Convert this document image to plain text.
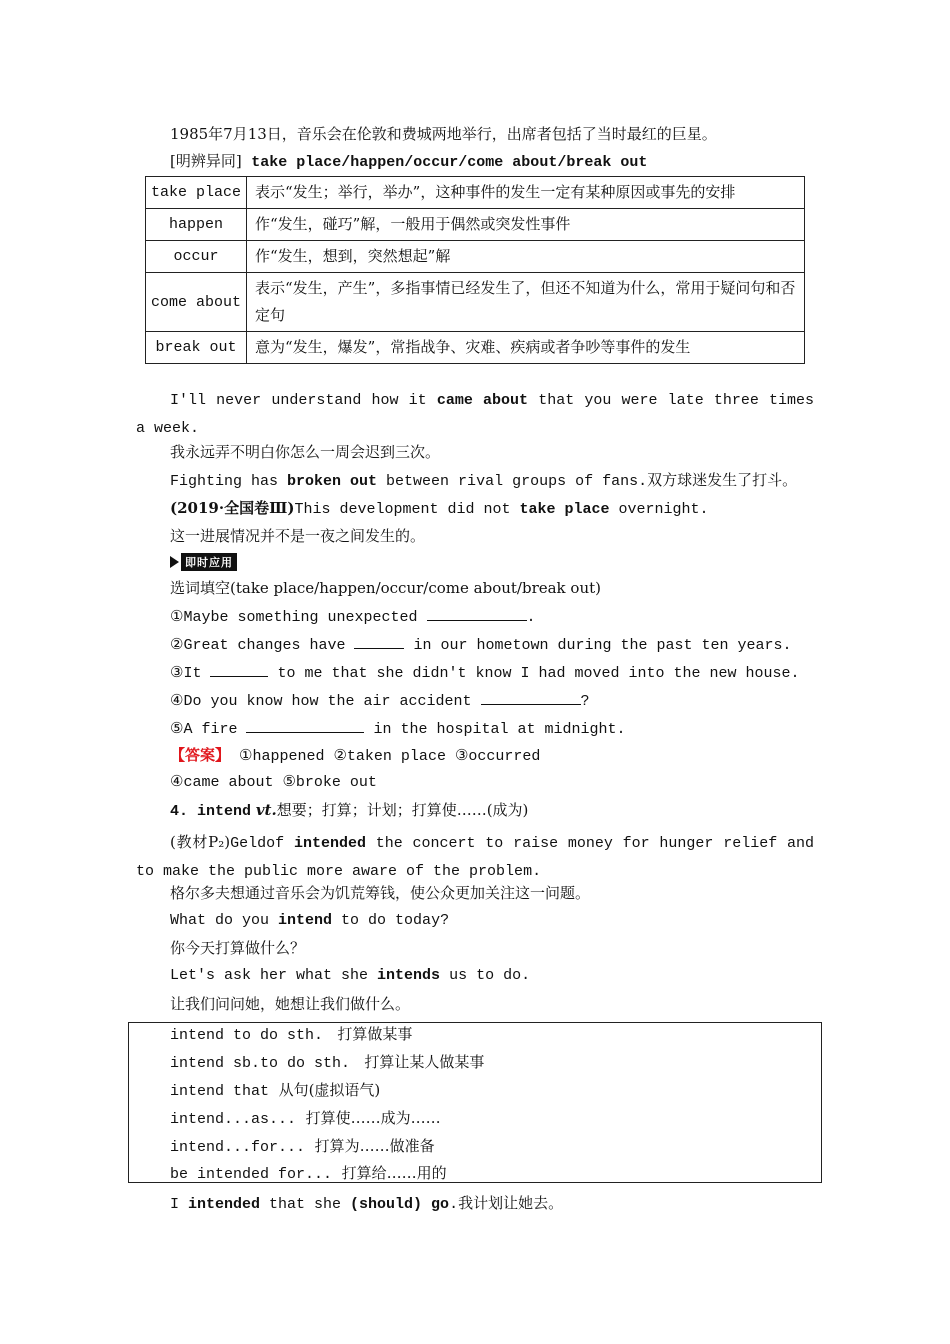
1985年7月13日，音乐会在伦敦和费城两地举行，出席者包括了当时最红的巨星。
[明辨异同] take place/happen/occur/come about/break out
take place	表示“发生；举行，举办”，这种事件的发生一定有某种原因或事先的安排
happen	作“发生，碰巧”解，一般用于偶然或突发性事件
occur	作“发生，想到，突然想起”解
come about	表示“发生，产生”，多指事情已经发生了，但还不知道为什么，常用于疑问句和否定句
break out	意为“发生，爆发”，常指战争、灾难、疾病或者争吵等事件的发生
I'll never understand how it came about that you were late three times a week.
我永远弄不明白你怎么一周会迟到三次。
Fighting has broken out between rival groups of fans.双方球迷发生了打斗。
(2019·全国卷Ⅲ)This development did not take place overnight.
这一进展情况并不是一夜之间发生的。
即时应用
选词填空(take place/happen/occur/come about/break out)
①Maybe something unexpected	.
②Great changes have	in our hometown during the past ten years.
③It	to me that she didn't know I had moved into the new house.
④Do you know how the air accident	?
⑤A fire	in the hospital at midnight.
【答案】 ①happened ②taken place ③occurred
④came about ⑤broke out
4. intend vt.想要；打算；计划；打算使……(成为)
(教材P₂)Geldof intended the concert to raise money for hunger relief and to make the public more aware of the problem.
格尔多夫想通过音乐会为饥荒筹钱，使公众更加关注这一问题。
What do you intend to do today?
你今天打算做什么？
Let's ask her what she intends us to do.
让我们问问她，她想让我们做什么。
intend to do sth. 打算做某事
intend sb.to do sth. 打算让某人做某事
intend that 从句(虚拟语气)
intend...as... 打算使……成为……
intend...for... 打算为……做准备
be intended for... 打算给……用的
I intended that she (should) go.我计划让她去。
